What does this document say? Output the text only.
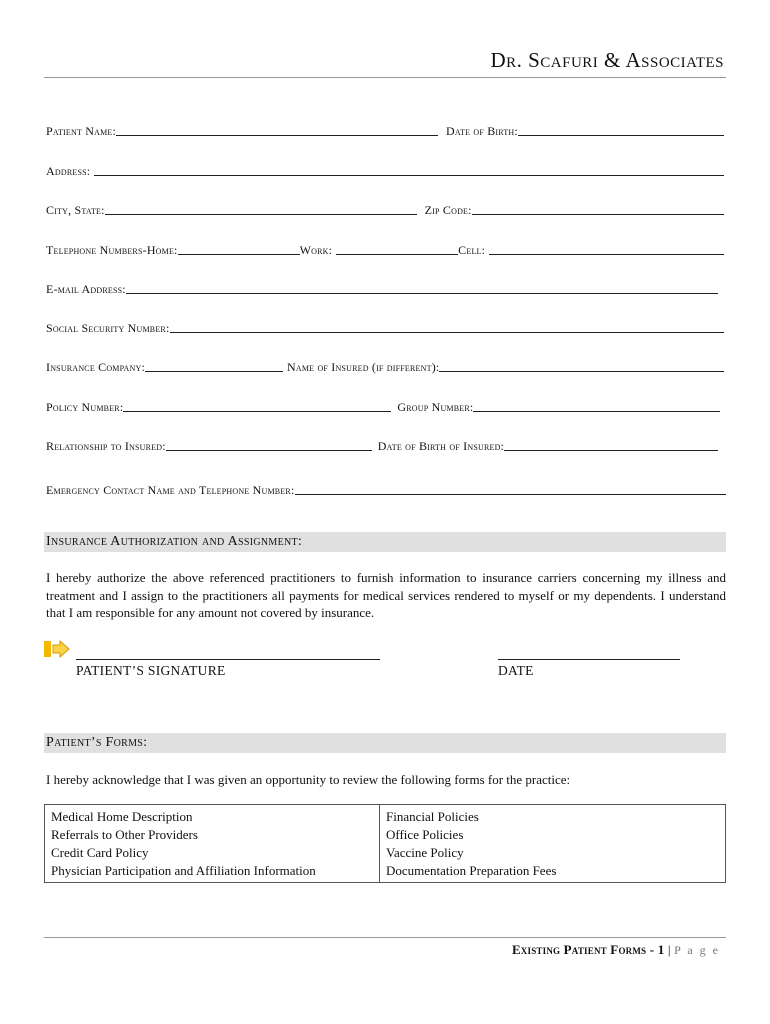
Dr. Scafuri & Associates
Patient Name:	Date of Birth:
Address:
City, State:	Zip Code:
Telephone Numbers-Home:	Work:	Cell:
E-mail Address:
Social Security Number:
Insurance Company:	Name of Insured (if different):
Policy Number:	Group Number:
Relationship to Insured:	Date of Birth of Insured:
Emergency Contact Name and Telephone Number:
Insurance Authorization and Assignment:
I hereby authorize the above referenced practitioners to furnish information to insurance carriers concerning my illness and treatment and I assign to the practitioners all payments for medical services rendered to myself or my dependents. I understand that I am responsible for any amount not covered by insurance.
PATIENT’S SIGNATURE	DATE
Patient’s Forms:
I hereby acknowledge that I was given an opportunity to review the following forms for the practice:
Medical Home Description
Referrals to Other Providers
Credit Card Policy
Physician Participation and Affiliation Information

Financial Policies
Office Policies
Vaccine Policy
Documentation Preparation Fees
Existing Patient Forms - 1 | P a g e
